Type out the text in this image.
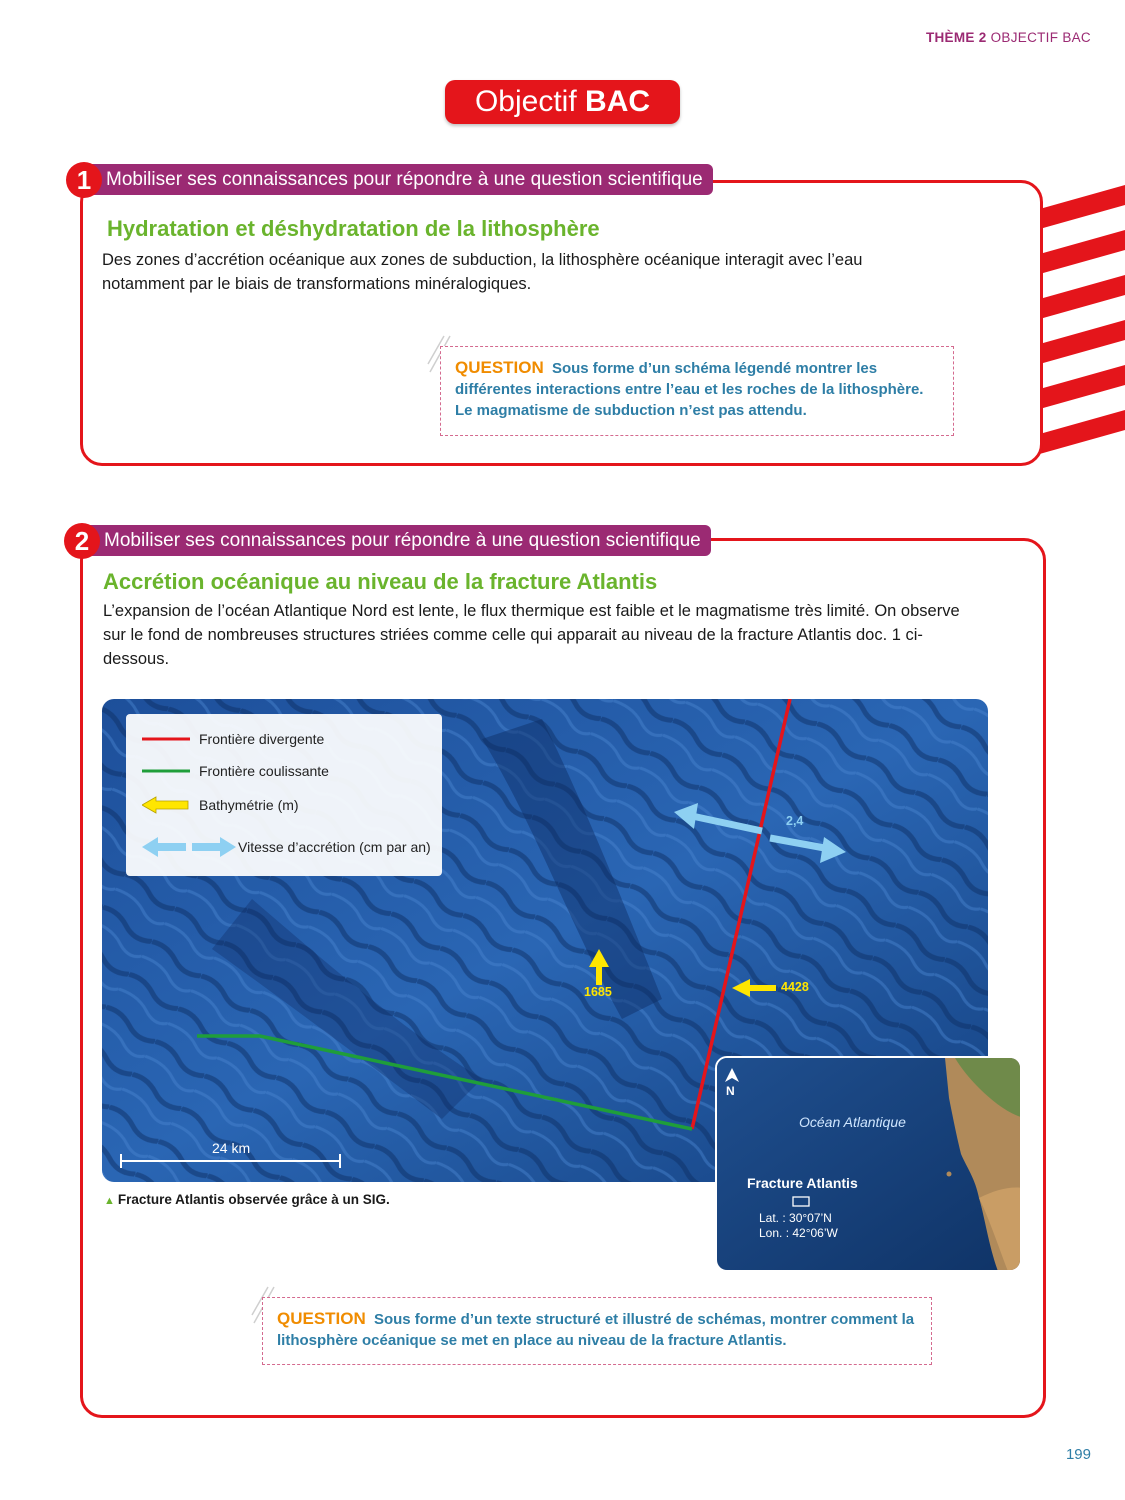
THÈME 2 OBJECTIF BAC
Objectif BAC
1 Mobiliser ses connaissances pour répondre à une question scientifique
Hydratation et déshydratation de la lithosphère
Des zones d’accrétion océanique aux zones de subduction, la lithosphère océanique interagit avec l’eau notamment par le biais de transformations minéralogiques.
QUESTION Sous forme d’un schéma légendé montrer les différentes interactions entre l’eau et les roches de la lithosphère. Le magmatisme de subduction n’est pas attendu.
2 Mobiliser ses connaissances pour répondre à une question scientifique
Accrétion océanique au niveau de la fracture Atlantis
L’expansion de l’océan Atlantique Nord est lente, le flux thermique est faible et le magmatisme très limité. On observe sur le fond de nombreuses structures striées comme celle qui apparait au niveau de la fracture Atlantis doc. 1 ci-dessous.
2,4
1685	4428
24 km
Frontière divergente
Frontière coulissante
Bathymétrie (m)
Vitesse d’accrétion (cm par an)
▲ Fracture Atlantis observée grâce à un SIG.
N
Océan Atlantique
Fracture Atlantis
Lat. : 30°07’N
Lon. : 42°06’W
QUESTION Sous forme d’un texte structuré et illustré de schémas, montrer comment la lithosphère océanique se met en place au niveau de la fracture Atlantis.
199
